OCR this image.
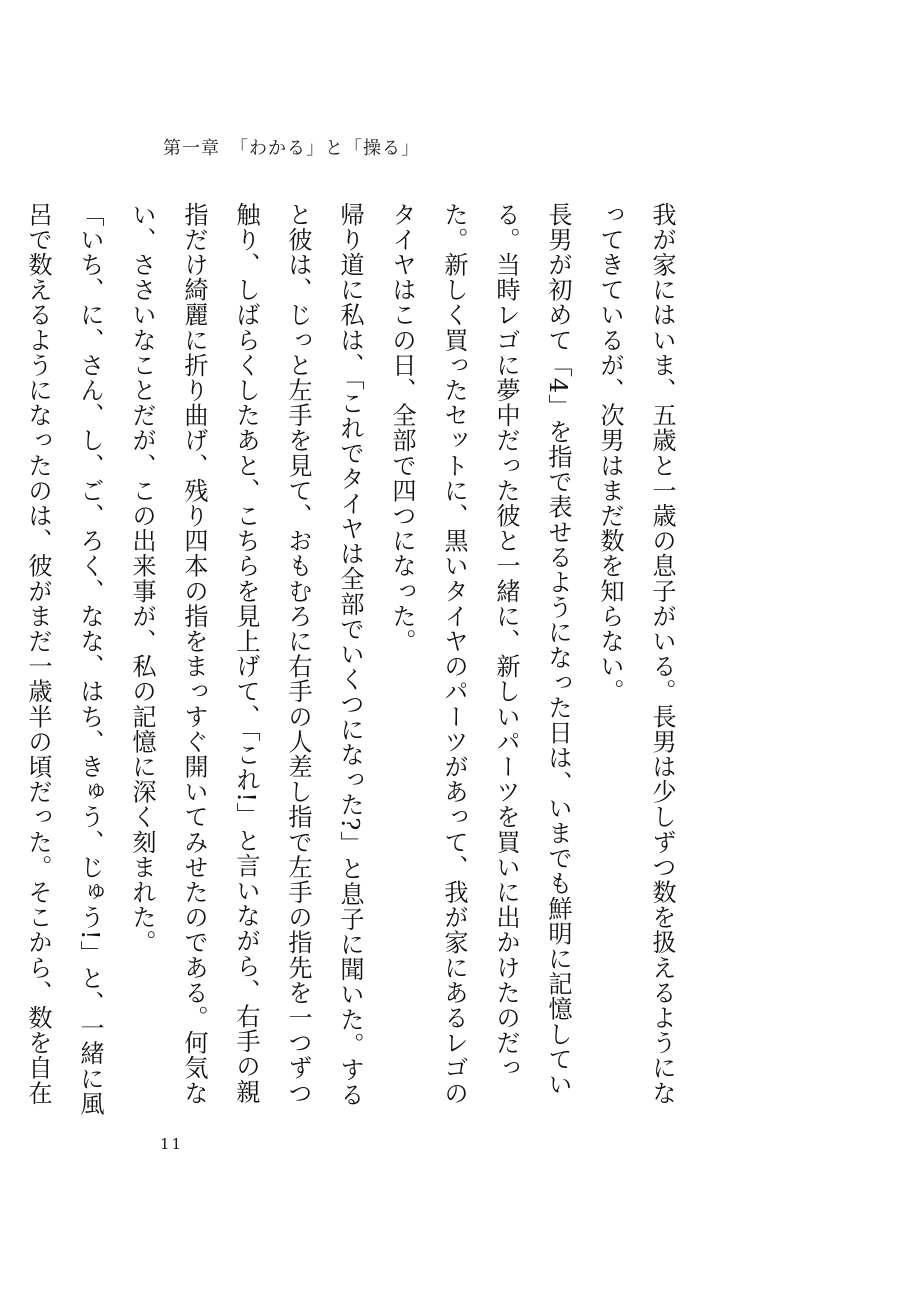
第一章　「わかる」と「操る」

我が家にはいま、五歳と一歳の息子がいる。長男は少しずつ数を扱えるようになってきているが、次男はまだ数を知らない。

長男が初めて「4」を指で表せるようになった日は、いまでも鮮明に記憶している。当時レゴに夢中だった彼と一緒に、新しいパーツを買いに出かけたのだった。新しく買ったセットに、黒いタイヤのパーツがあって、我が家にあるレゴのタイヤはこの日、全部で四つになった。

帰り道に私は、「これでタイヤは全部でいくつになった?」と息子に聞いた。すると彼は、じっと左手を見て、おもむろに右手の人差し指で左手の指先を一つずつ触り、しばらくしたあと、こちらを見上げて、「これ!」と言いながら、右手の親指だけ綺麗に折り曲げ、残り四本の指をまっすぐ開いてみせたのである。何気ない、ささいなことだが、この出来事が、私の記憶に深く刻まれた。

「いち、に、さん、し、ご、ろく、なな、はち、きゅう、じゅう!」と、一緒に風呂で数えるようになったのは、彼がまだ一歳半の頃だった。そこから、数を自在

11
